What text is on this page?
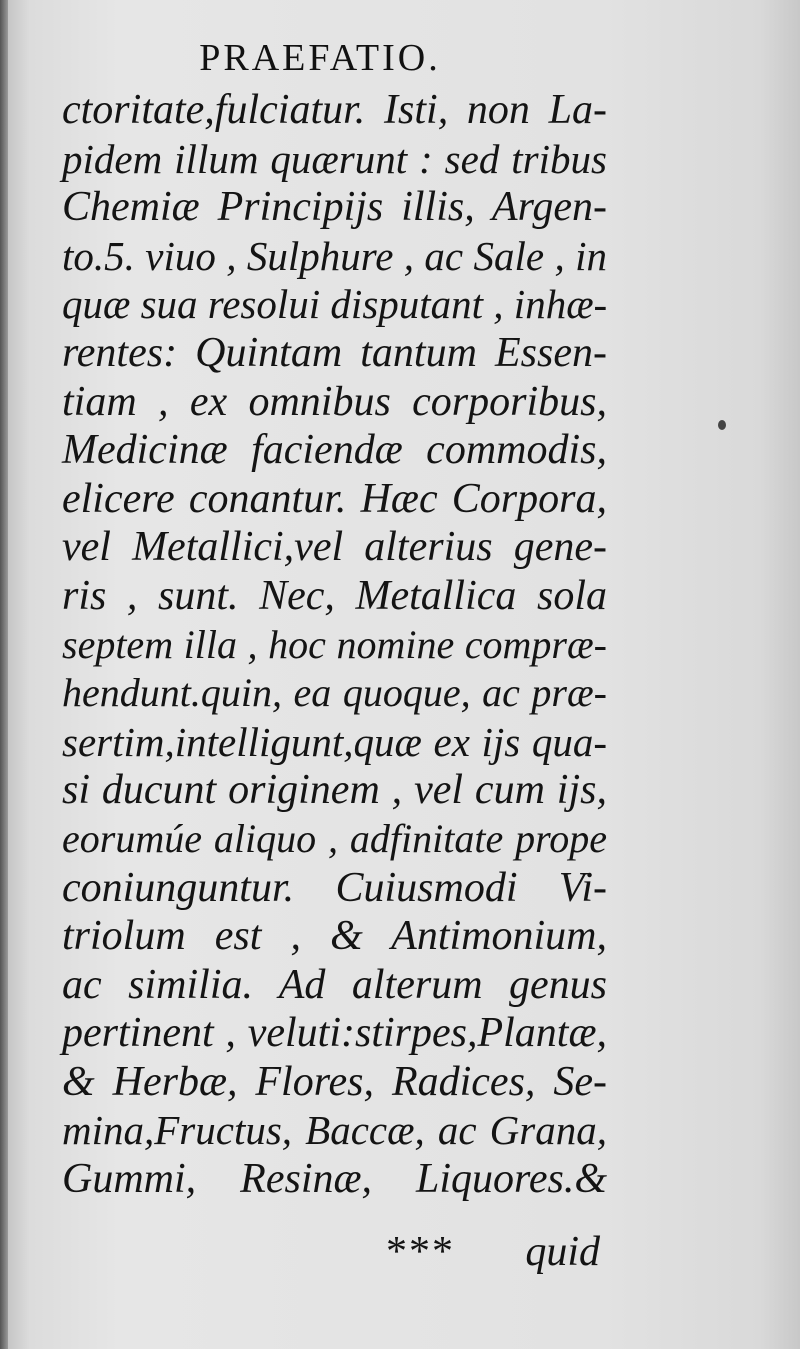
PRAEFATIO.
ctoritate,fulciatur. Isti, non La-
pidem illum quærunt : sed tribus
Chemiæ Principijs illis, Argen-
to.5. viuo , Sulphure , ac Sale , in
quæ sua resolui disputant , inhæ-
rentes: Quintam tantum Essen-
tiam , ex omnibus corporibus,
Medicinæ faciendæ commodis,
elicere conantur. Hæc Corpora,
vel Metallici,vel alterius gene-
ris , sunt. Nec, Metallica sola
septem illa , hoc nomine compræ-
hendunt.quin, ea quoque, ac præ-
sertim,intelligunt,quæ ex ijs qua-
si ducunt originem , vel cum ijs,
eorumúe aliquo , adfinitate prope
coniunguntur. Cuiusmodi Vi-
triolum est , & Antimonium,
ac similia. Ad alterum genus
pertinent , veluti:stirpes,Plantæ,
& Herbæ, Flores, Radices, Se-
mina,Fructus, Baccæ, ac Grana,
Gummi, Resinæ, Liquores.&
*** quid
